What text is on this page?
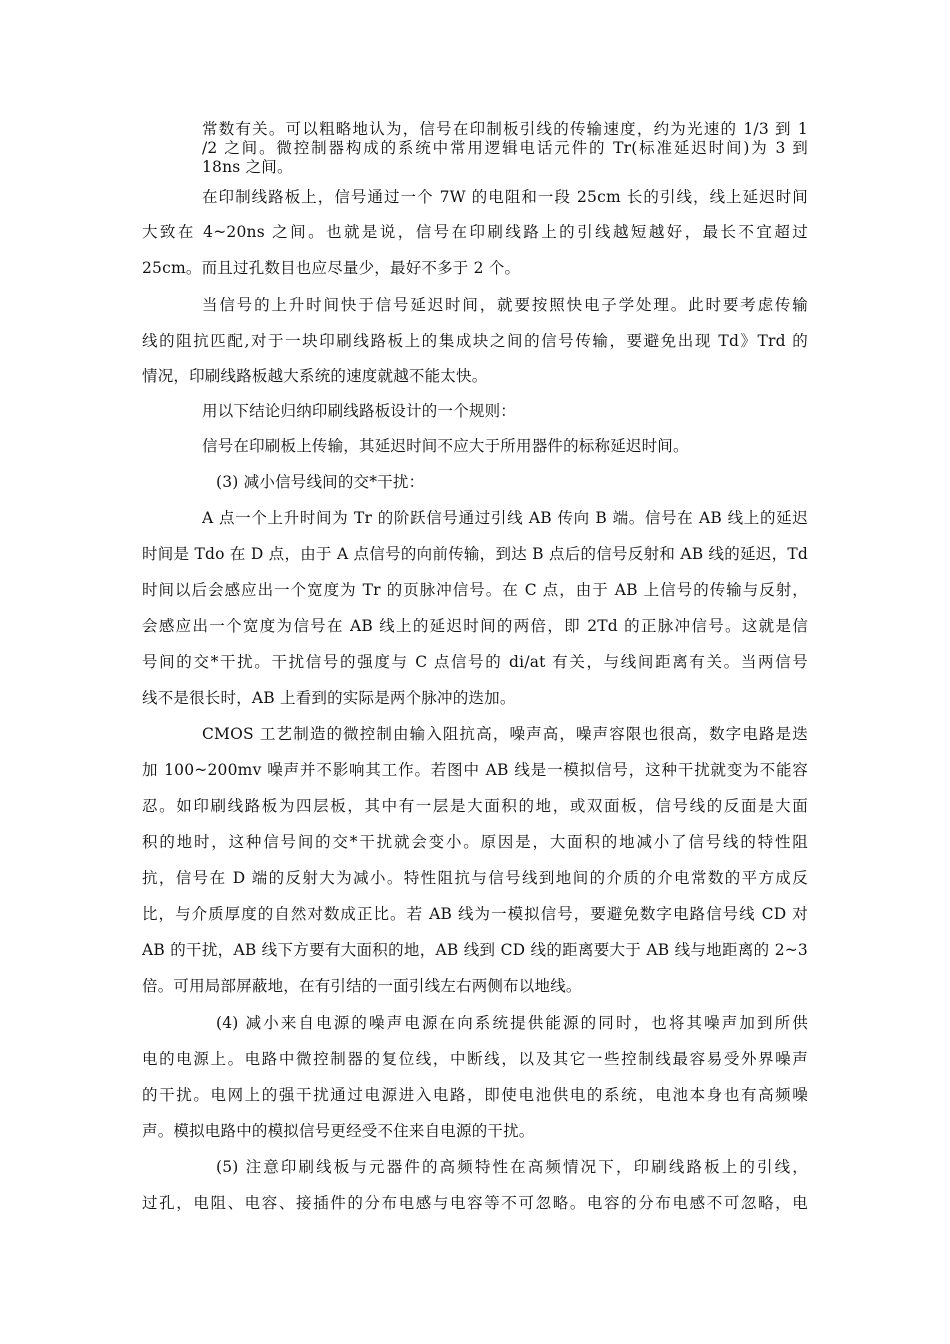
常数有关。可以粗略地认为，信号在印制板引线的传输速度，约为光速的 1/3 到 1
/2 之间。微控制器构成的系统中常用逻辑电话元件的 Tr(标准延迟时间)为 3 到
18ns 之间。
在印制线路板上，信号通过一个 7W 的电阻和一段 25cm 长的引线，线上延迟时间
大致在 4~20ns 之间。也就是说，信号在印刷线路上的引线越短越好，最长不宜超过
25cm。而且过孔数目也应尽量少，最好不多于 2 个。
当信号的上升时间快于信号延迟时间，就要按照快电子学处理。此时要考虑传输
线的阻抗匹配,对于一块印刷线路板上的集成块之间的信号传输，要避免出现 Td》Trd 的
情况，印刷线路板越大系统的速度就越不能太快。
用以下结论归纳印刷线路板设计的一个规则：
信号在印刷板上传输，其延迟时间不应大于所用器件的标称延迟时间。
(3) 减小信号线间的交*干扰：
A 点一个上升时间为 Tr 的阶跃信号通过引线 AB 传向 B 端。信号在 AB 线上的延迟
时间是 Tdo 在 D 点，由于 A 点信号的向前传输，到达 B 点后的信号反射和 AB 线的延迟，Td
时间以后会感应出一个宽度为 Tr 的页脉冲信号。在 C 点，由于 AB 上信号的传输与反射，
会感应出一个宽度为信号在 AB 线上的延迟时间的两倍，即 2Td 的正脉冲信号。这就是信
号间的交*干扰。干扰信号的强度与 C 点信号的 di/at 有关，与线间距离有关。当两信号
线不是很长时，AB 上看到的实际是两个脉冲的迭加。
CMOS 工艺制造的微控制由输入阻抗高，噪声高，噪声容限也很高，数字电路是迭
加 100~200mv 噪声并不影响其工作。若图中 AB 线是一模拟信号，这种干扰就变为不能容
忍。如印刷线路板为四层板，其中有一层是大面积的地，或双面板，信号线的反面是大面
积的地时，这种信号间的交*干扰就会变小。原因是，大面积的地减小了信号线的特性阻
抗，信号在 D 端的反射大为减小。特性阻抗与信号线到地间的介质的介电常数的平方成反
比，与介质厚度的自然对数成正比。若 AB 线为一模拟信号，要避免数字电路信号线 CD 对
AB 的干扰，AB 线下方要有大面积的地，AB 线到 CD 线的距离要大于 AB 线与地距离的 2~3
倍。可用局部屏蔽地，在有引结的一面引线左右两侧布以地线。
(4) 减小来自电源的噪声电源在向系统提供能源的同时，也将其噪声加到所供
电的电源上。电路中微控制器的复位线，中断线，以及其它一些控制线最容易受外界噪声
的干扰。电网上的强干扰通过电源进入电路，即使电池供电的系统，电池本身也有高频噪
声。模拟电路中的模拟信号更经受不住来自电源的干扰。
(5) 注意印刷线板与元器件的高频特性在高频情况下，印刷线路板上的引线，
过孔，电阻、电容、接插件的分布电感与电容等不可忽略。电容的分布电感不可忽略，电
